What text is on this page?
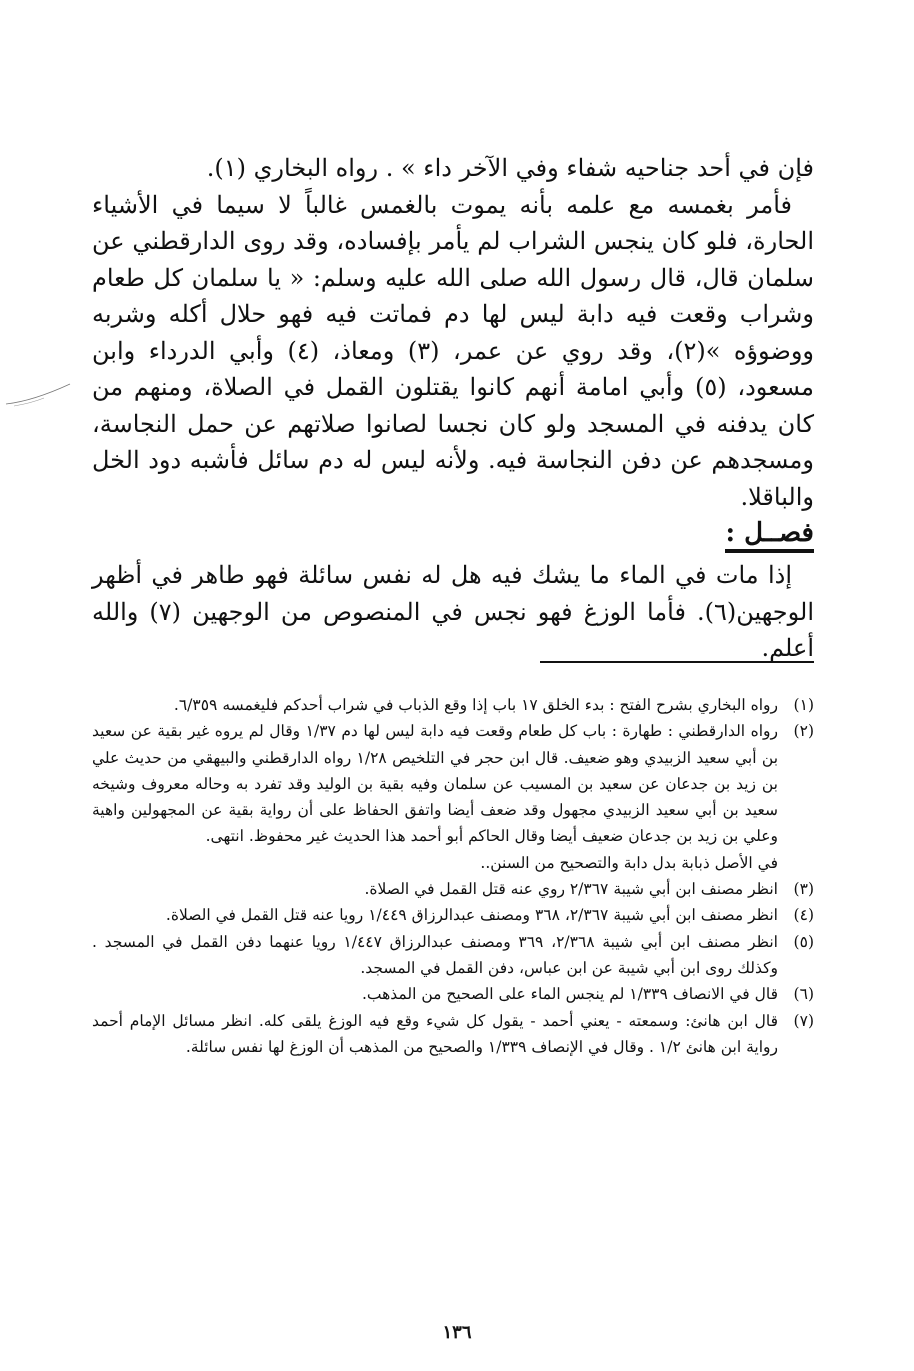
فإن في أحد جناحيه شفاء وفي الآخر داء » . رواه البخاري (١).

فأمر بغمسه مع علمه بأنه يموت بالغمس غالباً لا سيما في الأشياء الحارة، فلو كان ينجس الشراب لم يأمر بإفساده، وقد روى الدارقطني عن سلمان قال، قال رسول الله صلى الله عليه وسلم: « يا سلمان كل طعام وشراب وقعت فيه دابة ليس لها دم فماتت فيه فهو حلال أكله وشربه ووضوؤه »(٢)، وقد روي عن عمر، (٣) ومعاذ، (٤) وأبي الدرداء وابن مسعود، (٥) وأبي امامة أنهم كانوا يقتلون القمل في الصلاة، ومنهم من كان يدفنه في المسجد ولو كان نجسا لصانوا صلاتهم عن حمل النجاسة، ومسجدهم عن دفن النجاسة فيه. ولأنه ليس له دم سائل فأشبه دود الخل والباقلا.

فصــل :

إذا مات في الماء ما يشك فيه هل له نفس سائلة فهو طاهر في أظهر الوجهين(٦). فأما الوزغ فهو نجس في المنصوص من الوجهين (٧) والله أعلم.

(١)
رواه البخاري بشرح الفتح : بدء الخلق ١٧ باب إذا وقع الذباب في شراب أحدكم فليغمسه ٦/٣٥٩.
(٢)
رواه الدارقطني : طهارة : باب كل طعام وقعت فيه دابة ليس لها دم ١/٣٧ وقال لم يروه غير بقية عن سعيد بن أبي سعيد الزبيدي وهو ضعيف. قال ابن حجر في التلخيص ١/٢٨ رواه الدارقطني والبيهقي من حديث علي بن زيد بن جدعان عن سعيد بن المسيب عن سلمان وفيه بقية بن الوليد وقد تفرد به وحاله معروف وشيخه سعيد بن أبي سعيد الزبيدي مجهول وقد ضعف أيضا واتفق الحفاظ على أن رواية بقية عن المجهولين واهية وعلي بن زيد بن جدعان ضعيف أيضا وقال الحاكم أبو أحمد هذا الحديث غير محفوظ. انتهى.
في الأصل ذبابة بدل دابة والتصحيح من السنن..
(٣)
انظر مصنف ابن أبي شيبة ٢/٣٦٧ روي عنه قتل القمل في الصلاة.
(٤)
انظر مصنف ابن أبي شيبة ٢/٣٦٧، ٣٦٨ ومصنف عبدالرزاق ١/٤٤٩ رويا عنه قتل القمل في الصلاة.
(٥)
انظر مصنف ابن أبي شيبة ٢/٣٦٨، ٣٦٩ ومصنف عبدالرزاق ١/٤٤٧ رويا عنهما دفن القمل في المسجد . وكذلك روى ابن أبي شيبة عن ابن عباس، دفن القمل في المسجد.
(٦)
قال في الانصاف ١/٣٣٩ لم ينجس الماء على الصحيح من المذهب.
(٧)
قال ابن هانئ: وسمعته - يعني أحمد - يقول كل شيء وقع فيه الوزغ يلقى كله. انظر مسائل الإمام أحمد رواية ابن هانئ ١/٢ . وقال في الإنصاف ١/٣٣٩ والصحيح من المذهب أن الوزغ لها نفس سائلة.
١٣٦
